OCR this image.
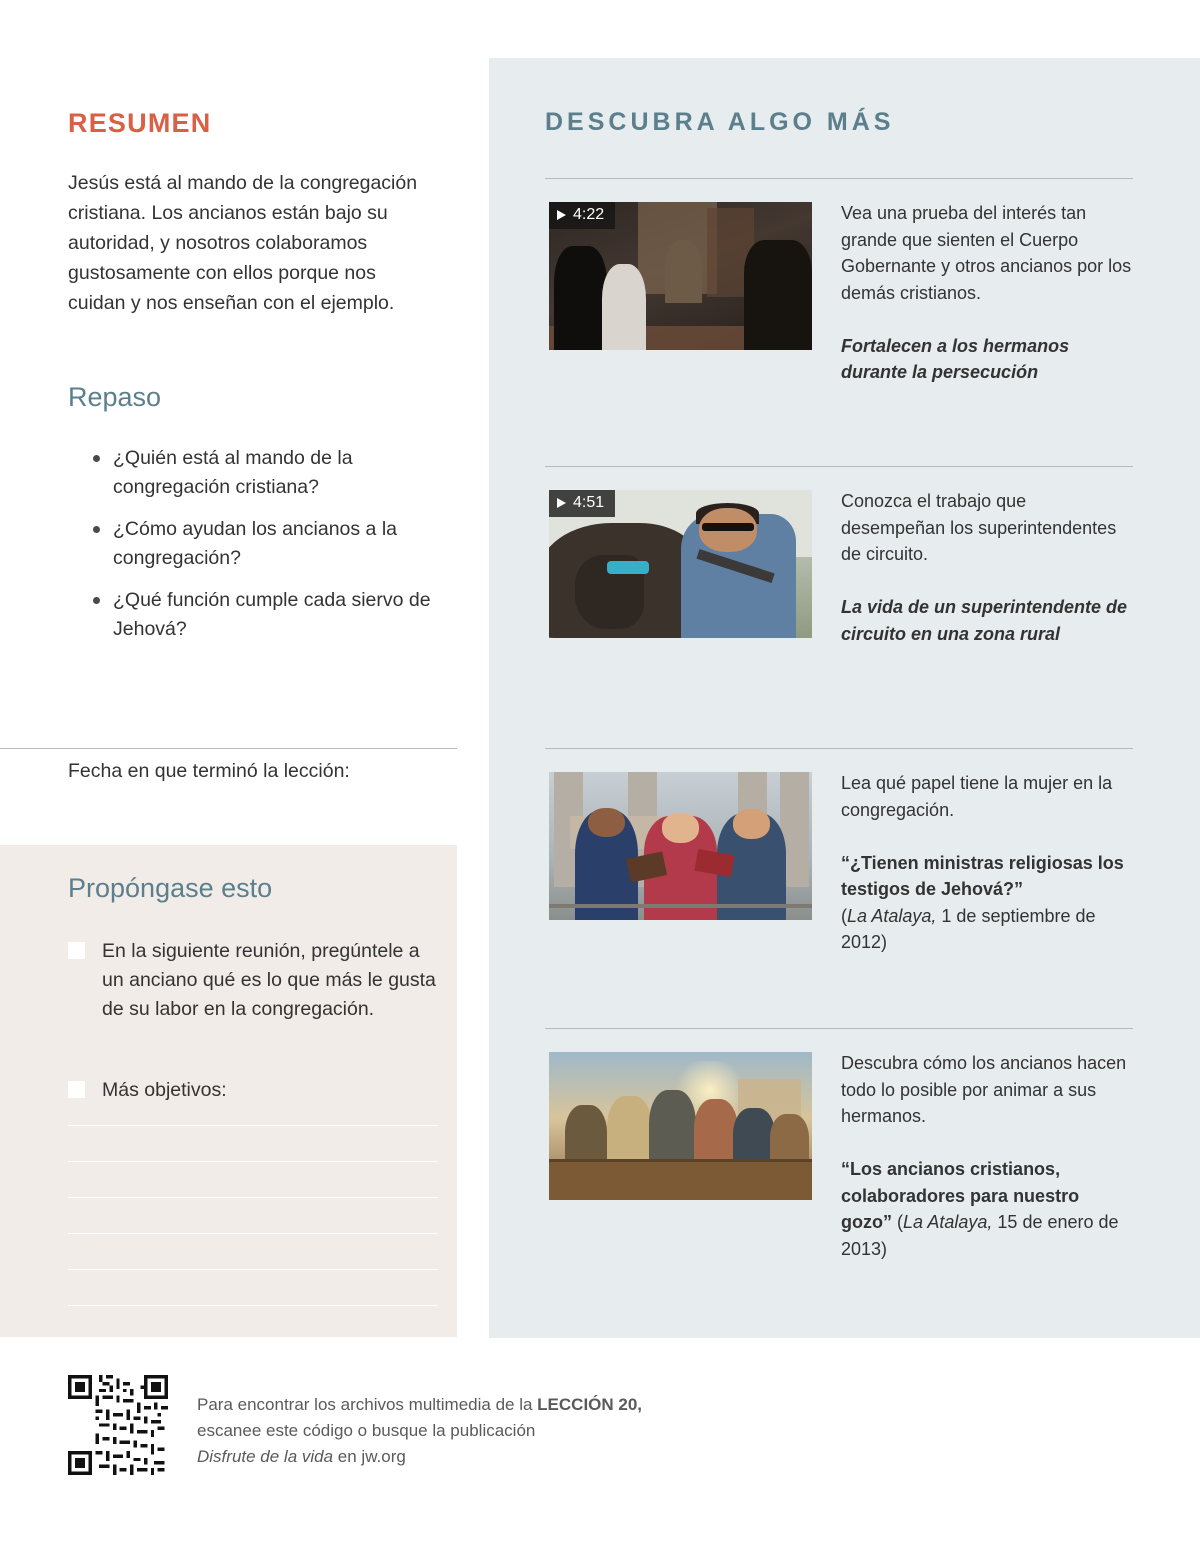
RESUMEN
Jesús está al mando de la congregación cristiana. Los ancianos están bajo su autoridad, y nosotros colaboramos gustosamente con ellos porque nos cuidan y nos enseñan con el ejemplo.
Repaso
¿Quién está al mando de la congregación cristiana?
¿Cómo ayudan los ancianos a la congregación?
¿Qué función cumple cada siervo de Jehová?
Fecha en que terminó la lección:
Propóngase esto
En la siguiente reunión, pregúntele a un anciano qué es lo que más le gusta de su labor en la congregación.
Más objetivos:
DESCUBRA ALGO MÁS
4:22	Vea una prueba del interés tan grande que sienten el Cuerpo Gobernante y otros ancianos por los demás cristianos.

Fortalecen a los hermanos durante la persecución
4:51	Conozca el trabajo que desempeñan los superintendentes de circuito.

La vida de un superintendente de circuito en una zona rural
Lea qué papel tiene la mujer en la congregación.

“¿Tienen ministras religiosas los testigos de Jehová?”
(La Atalaya, 1 de septiembre de 2012)
Descubra cómo los ancianos hacen todo lo posible por animar a sus hermanos.

“Los ancianos cristianos, colaboradores para nuestro gozo” (La Atalaya, 15 de enero de 2013)
Para encontrar los archivos multimedia de la LECCIÓN 20,
escanee este código o busque la publicación
Disfrute de la vida en jw.org
